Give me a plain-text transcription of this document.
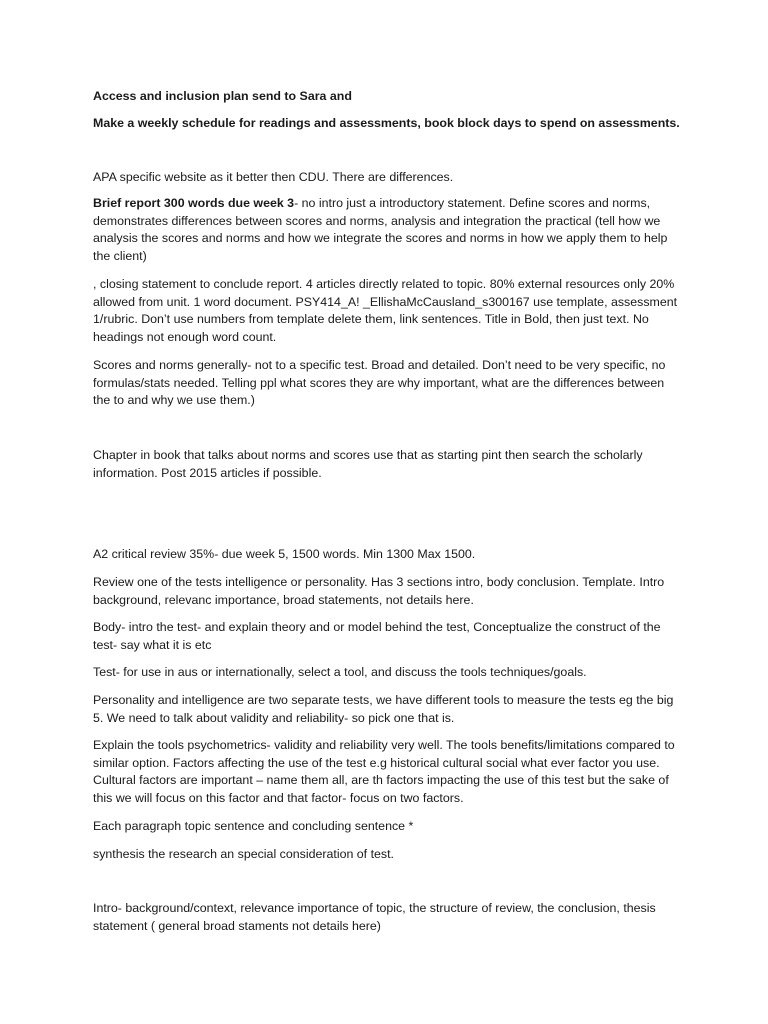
Access and inclusion plan send to Sara and

Make a weekly schedule for readings and assessments, book block days to spend on assessments.

APA specific website as it better then CDU. There are differences.

Brief report 300 words due week 3- no intro just a introductory statement. Define scores and norms, demonstrates differences between scores and norms, analysis and integration the practical (tell how we analysis the scores and norms and how we integrate the scores and norms in how we apply them to help the client)

, closing statement to conclude report. 4 articles directly related to topic. 80% external resources only 20% allowed from unit. 1 word document. PSY414_A! _EllishaMcCausland_s300167 use template, assessment 1/rubric. Don’t use numbers from template delete them, link sentences. Title in Bold, then just text. No headings not enough word count.

Scores and norms generally- not to a specific test. Broad and detailed. Don’t need to be very specific, no formulas/stats needed. Telling ppl what scores they are why important, what are the differences between the to and why we use them.)

Chapter in book that talks about norms and scores use that as starting pint then search the scholarly information. Post 2015 articles if possible.

A2 critical review 35%- due week 5, 1500 words. Min 1300 Max 1500.

Review one of the tests intelligence or personality. Has 3 sections intro, body conclusion. Template. Intro background, relevanc importance, broad statements, not details here.

Body- intro the test- and explain theory and or model behind the test, Conceptualize the construct of the test- say what it is etc

Test- for use in aus or internationally, select a tool, and discuss the tools techniques/goals.

Personality and intelligence are two separate tests, we have different tools to measure the tests eg the big 5. We need to talk about validity and reliability- so pick one that is.

Explain the tools psychometrics- validity and reliability very well. The tools benefits/limitations compared to similar option. Factors affecting the use of the test e.g historical cultural social what ever factor you use. Cultural factors are important – name them all, are th factors impacting the use of this test but the sake of this we will focus on this factor and that factor- focus on two factors.

Each paragraph topic sentence and concluding sentence *

synthesis the research an special consideration of test.

Intro- background/context, relevance importance of topic, the structure of review, the conclusion, thesis statement ( general broad staments not details here)
